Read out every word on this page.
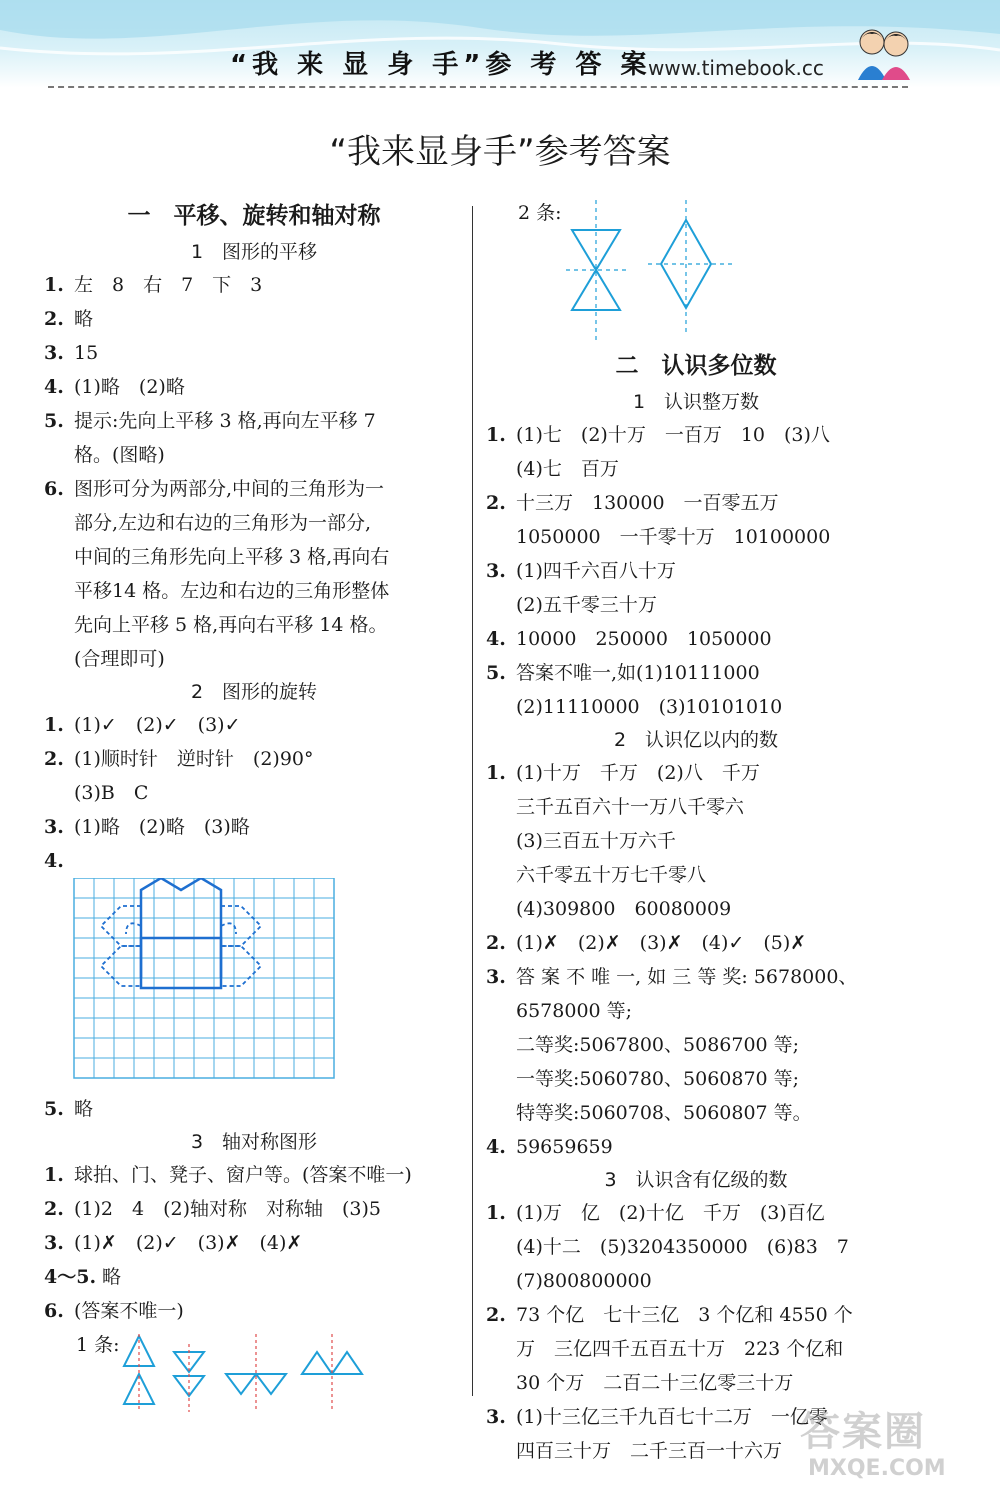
“我 来 显 身 手”参 考 答 案
www.timebook.cc
“我来显身手”参考答案
一　平移、旋转和轴对称
1　图形的平移
1. 左　8　右　7　下　3
2. 略
3. 15
4. (1)略　(2)略
5. 提示:先向上平移 3 格,再向左平移 7
格。(图略)
6. 图形可分为两部分,中间的三角形为一
部分,左边和右边的三角形为一部分,
中间的三角形先向上平移 3 格,再向右
平移14 格。左边和右边的三角形整体
先向上平移 5 格,再向右平移 14 格。
(合理即可)
2　图形的旋转
1. (1)✓　(2)✓　(3)✓
2. (1)顺时针　逆时针　(2)90°
(3)B　C
3. (1)略　(2)略　(3)略
4.
5. 略
3　轴对称图形
1. 球拍、门、凳子、窗户等。(答案不唯一)
2. (1)2　4　(2)轴对称　对称轴　(3)5
3. (1)✗　(2)✓　(3)✗　(4)✗
4～5. 略
6. (答案不唯一)
1 条:
2 条:
二　认识多位数
1　认识整万数
1. (1)七　(2)十万　一百万　10　(3)八
(4)七　百万
2. 十三万　130000　一百零五万
1050000　一千零十万　10100000
3. (1)四千六百八十万
(2)五千零三十万
4. 10000　250000　1050000
5. 答案不唯一,如(1)10111000
(2)11110000　(3)10101010
2　认识亿以内的数
1. (1)十万　千万　(2)八　千万
三千五百六十一万八千零六
(3)三百五十万六千
六千零五十万七千零八
(4)309800　60080009
2. (1)✗　(2)✗　(3)✗　(4)✓　(5)✗
3. 答 案 不 唯 一, 如 三 等 奖: 5678000、
6578000 等;
二等奖:5067800、5086700 等;
一等奖:5060780、5060870 等;
特等奖:5060708、5060807 等。
4. 59659659
3　认识含有亿级的数
1. (1)万　亿　(2)十亿　千万　(3)百亿
(4)十二　(5)3204350000　(6)83　7
(7)800800000
2. 73 个亿　七十三亿　3 个亿和 4550 个
万　三亿四千五百五十万　223 个亿和
30 个万　二百二十三亿零三十万
3. (1)十三亿三千九百七十二万　一亿零
四百三十万　二千三百一十六万 答案圈
MXQE.COM
